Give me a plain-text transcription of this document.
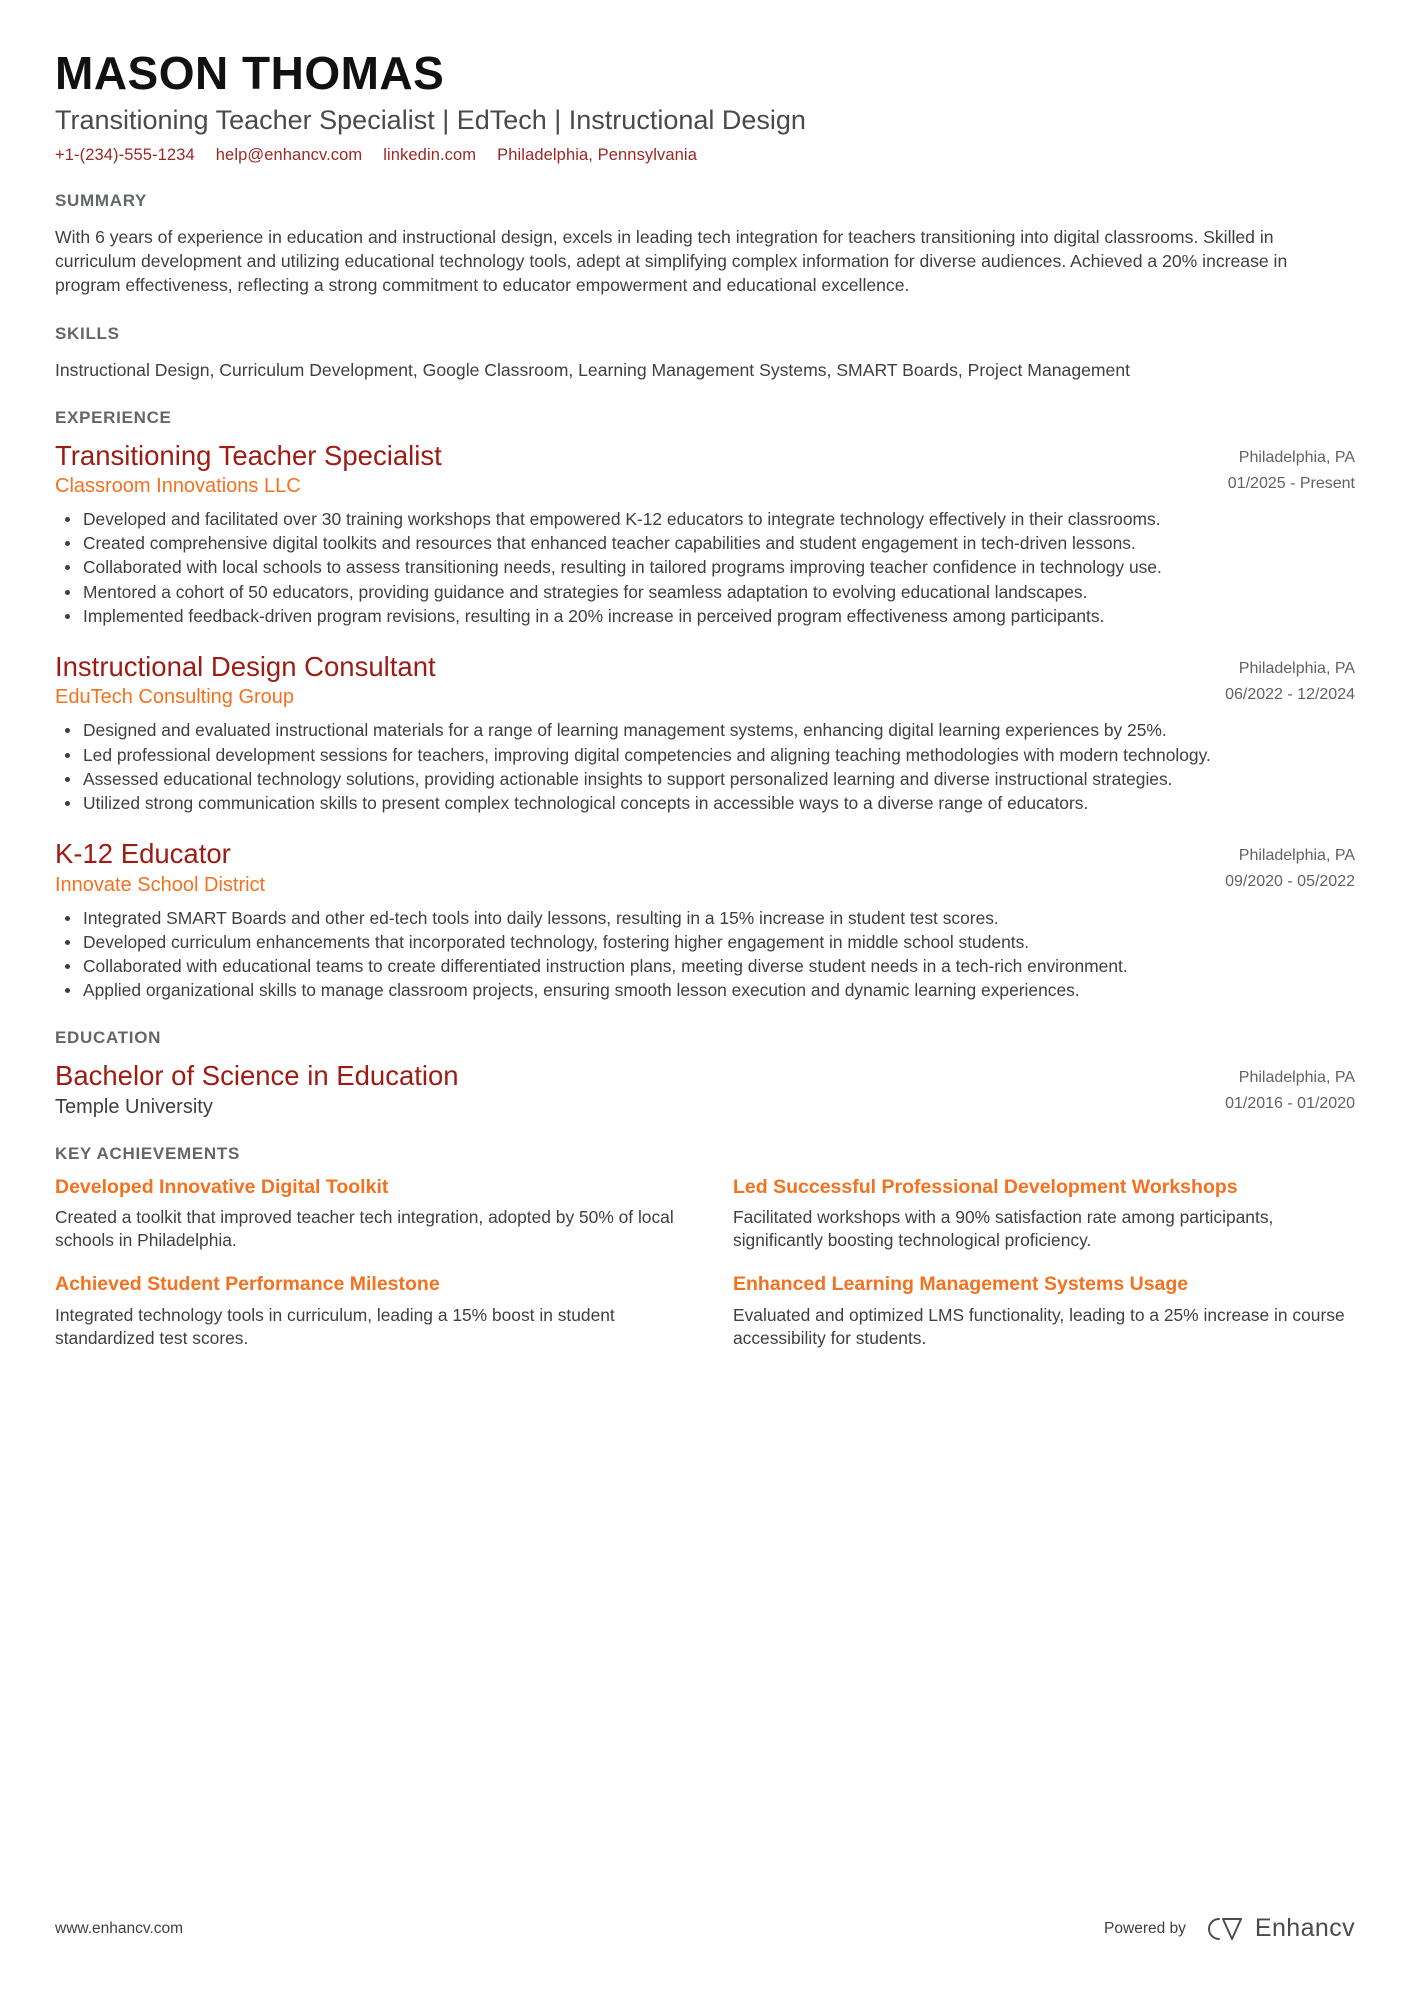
MASON THOMAS
Transitioning Teacher Specialist | EdTech | Instructional Design
+1-(234)-555-1234 help@enhancv.com linkedin.com Philadelphia, Pennsylvania
SUMMARY

With 6 years of experience in education and instructional design, excels in leading tech integration for teachers transitioning into digital classrooms. Skilled in curriculum development and utilizing educational technology tools, adept at simplifying complex information for diverse audiences. Achieved a 20% increase in program effectiveness, reflecting a strong commitment to educator empowerment and educational excellence.

SKILLS

Instructional Design, Curriculum Development, Google Classroom, Learning Management Systems, SMART Boards, Project Management

EXPERIENCE
Transitioning Teacher Specialist
Classroom Innovations LLC
Philadelphia, PA
01/2025 - Present
Developed and facilitated over 30 training workshops that empowered K-12 educators to integrate technology effectively in their classrooms.
Created comprehensive digital toolkits and resources that enhanced teacher capabilities and student engagement in tech-driven lessons.
Collaborated with local schools to assess transitioning needs, resulting in tailored programs improving teacher confidence in technology use.
Mentored a cohort of 50 educators, providing guidance and strategies for seamless adaptation to evolving educational landscapes.
Implemented feedback-driven program revisions, resulting in a 20% increase in perceived program effectiveness among participants.
Instructional Design Consultant
EduTech Consulting Group
Philadelphia, PA
06/2022 - 12/2024
Designed and evaluated instructional materials for a range of learning management systems, enhancing digital learning experiences by 25%.
Led professional development sessions for teachers, improving digital competencies and aligning teaching methodologies with modern technology.
Assessed educational technology solutions, providing actionable insights to support personalized learning and diverse instructional strategies.
Utilized strong communication skills to present complex technological concepts in accessible ways to a diverse range of educators.
K-12 Educator
Innovate School District
Philadelphia, PA
09/2020 - 05/2022
Integrated SMART Boards and other ed-tech tools into daily lessons, resulting in a 15% increase in student test scores.
Developed curriculum enhancements that incorporated technology, fostering higher engagement in middle school students.
Collaborated with educational teams to create differentiated instruction plans, meeting diverse student needs in a tech-rich environment.
Applied organizational skills to manage classroom projects, ensuring smooth lesson execution and dynamic learning experiences.
EDUCATION
Bachelor of Science in Education
Temple University
Philadelphia, PA
01/2016 - 01/2020
KEY ACHIEVEMENTS
Developed Innovative Digital Toolkit
Created a toolkit that improved teacher tech integration, adopted by 50% of local schools in Philadelphia.
Led Successful Professional Development Workshops
Facilitated workshops with a 90% satisfaction rate among participants, significantly boosting technological proficiency.
Achieved Student Performance Milestone
Integrated technology tools in curriculum, leading a 15% boost in student standardized test scores.
Enhanced Learning Management Systems Usage
Evaluated and optimized LMS functionality, leading to a 25% increase in course accessibility for students.
www.enhancv.com	Powered by	Enhancv
